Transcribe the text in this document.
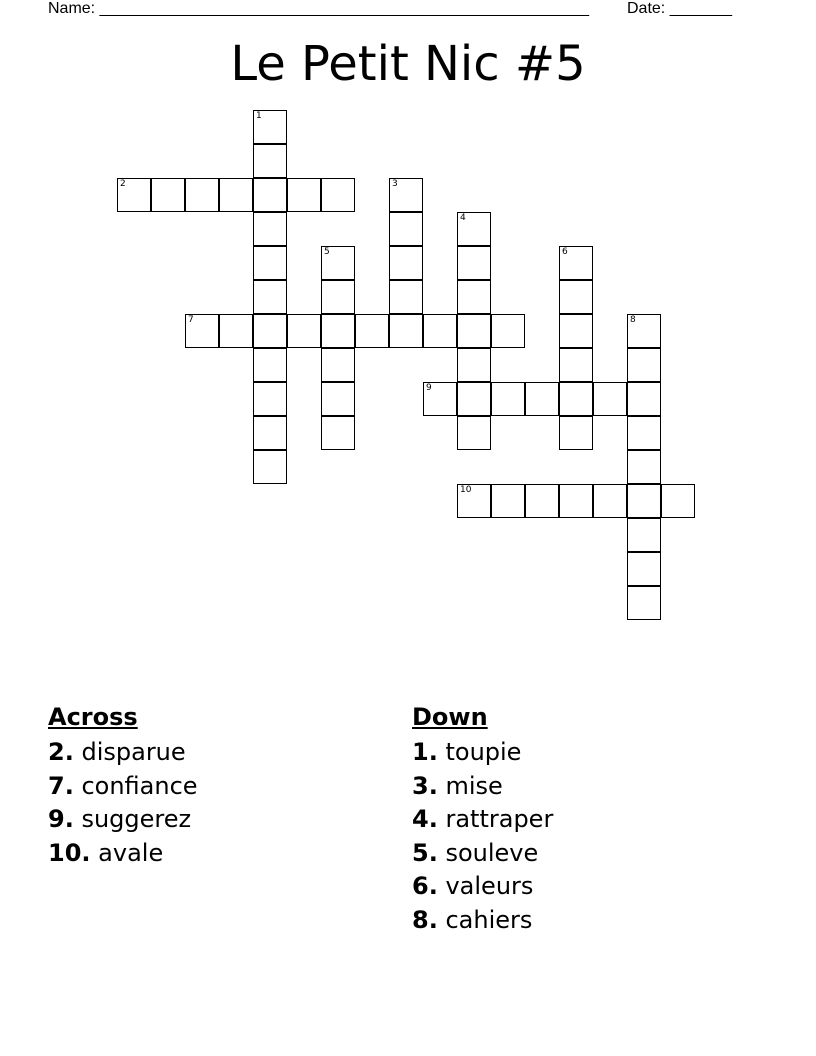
Name: _______________________________________________________ Date: _______
Le Petit Nic #5
1
2	3
4
5	6
7	8
9
10
Across
2. disparue
7. confiance
9. suggerez
10. avale
Down
1. toupie
3. mise
4. rattraper
5. souleve
6. valeurs
8. cahiers
